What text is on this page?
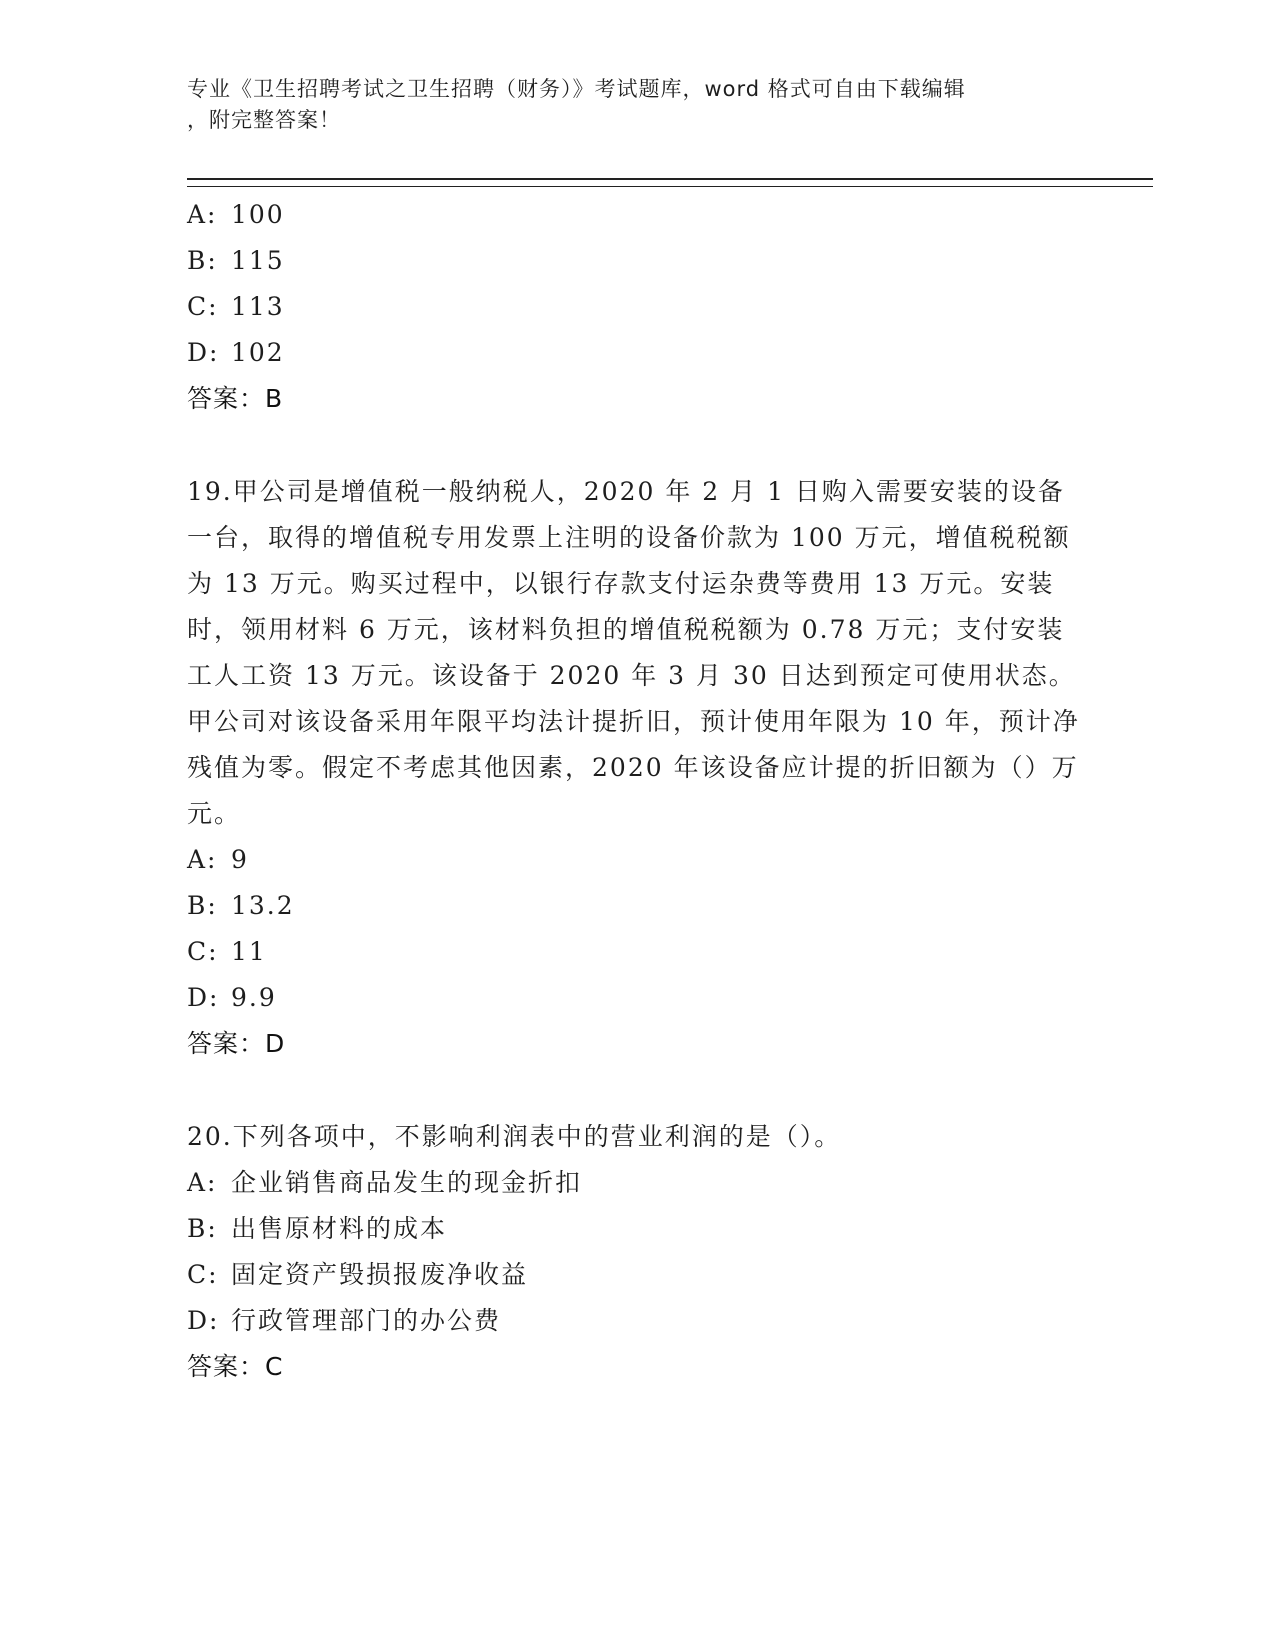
专业《卫生招聘考试之卫生招聘（财务）》考试题库，word 格式可自由下载编辑
，附完整答案！
A: 100
B: 115
C: 113
D: 102
答案：B
19.甲公司是增值税一般纳税人，2020 年 2 月 1 日购入需要安装的设备一台，取得的增值税专用发票上注明的设备价款为 100 万元，增值税税额为 13 万元。购买过程中，以银行存款支付运杂费等费用 13 万元。安装时，领用材料 6 万元，该材料负担的增值税税额为 0.78 万元；支付安装工人工资 13 万元。该设备于 2020 年 3 月 30 日达到预定可使用状态。甲公司对该设备采用年限平均法计提折旧，预计使用年限为 10 年，预计净残值为零。假定不考虑其他因素，2020 年该设备应计提的折旧额为（）万元。
A: 9
B: 13.2
C: 11
D: 9.9
答案：D
20.下列各项中，不影响利润表中的营业利润的是（）。
A: 企业销售商品发生的现金折扣
B: 出售原材料的成本
C: 固定资产毁损报废净收益
D: 行政管理部门的办公费
答案：C
